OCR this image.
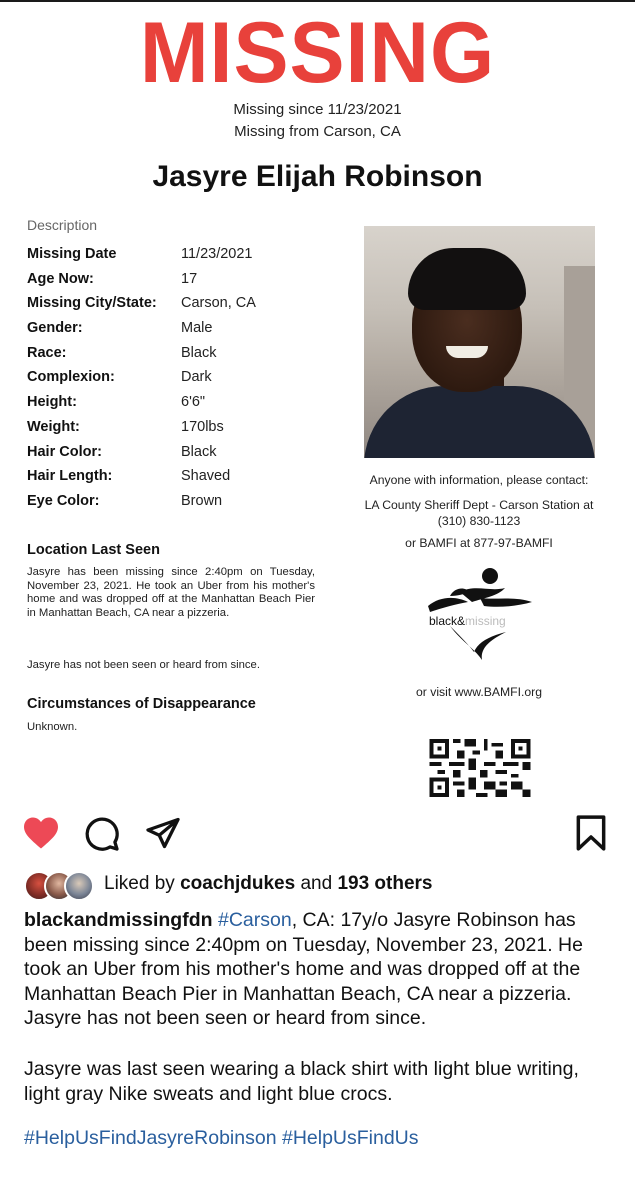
MISSING
Missing since 11/23/2021
Missing from Carson, CA
Jasyre Elijah Robinson
Description
Missing Date	11/23/2021
Age Now:	17
Missing City/State: Carson, CA
Gender:	Male
Race:	Black
Complexion:	Dark
Height:	6'6"
Weight:	170lbs
Hair Color:	Black
Hair Length:	Shaved
Eye Color:	Brown
Location Last Seen
Jasyre has been missing since 2:40pm on Tuesday, November 23, 2021. He took an Uber from his mother's home and was dropped off at the Manhattan Beach Pier in Manhattan Beach, CA near a pizzeria.
Jasyre has not been seen or heard from since.
Circumstances of Disappearance
Unknown.
Anyone with information, please contact:
LA County Sheriff Dept - Carson Station at
(310) 830-1123
or BAMFI at 877-97-BAMFI
black&missing
or visit www.BAMFI.org
Liked by coachjdukes and 193 others

blackandmissingfdn #Carson, CA: 17y/o Jasyre Robinson has been missing since 2:40pm on Tuesday, November 23, 2021. He took an Uber from his mother's home and was dropped off at the Manhattan Beach Pier in Manhattan Beach, CA near a pizzeria. Jasyre has not been seen or heard from since.

Jasyre was last seen wearing a black shirt with light blue writing, light gray Nike sweats and light blue crocs.

#HelpUsFindJasyreRobinson #HelpUsFindUs
